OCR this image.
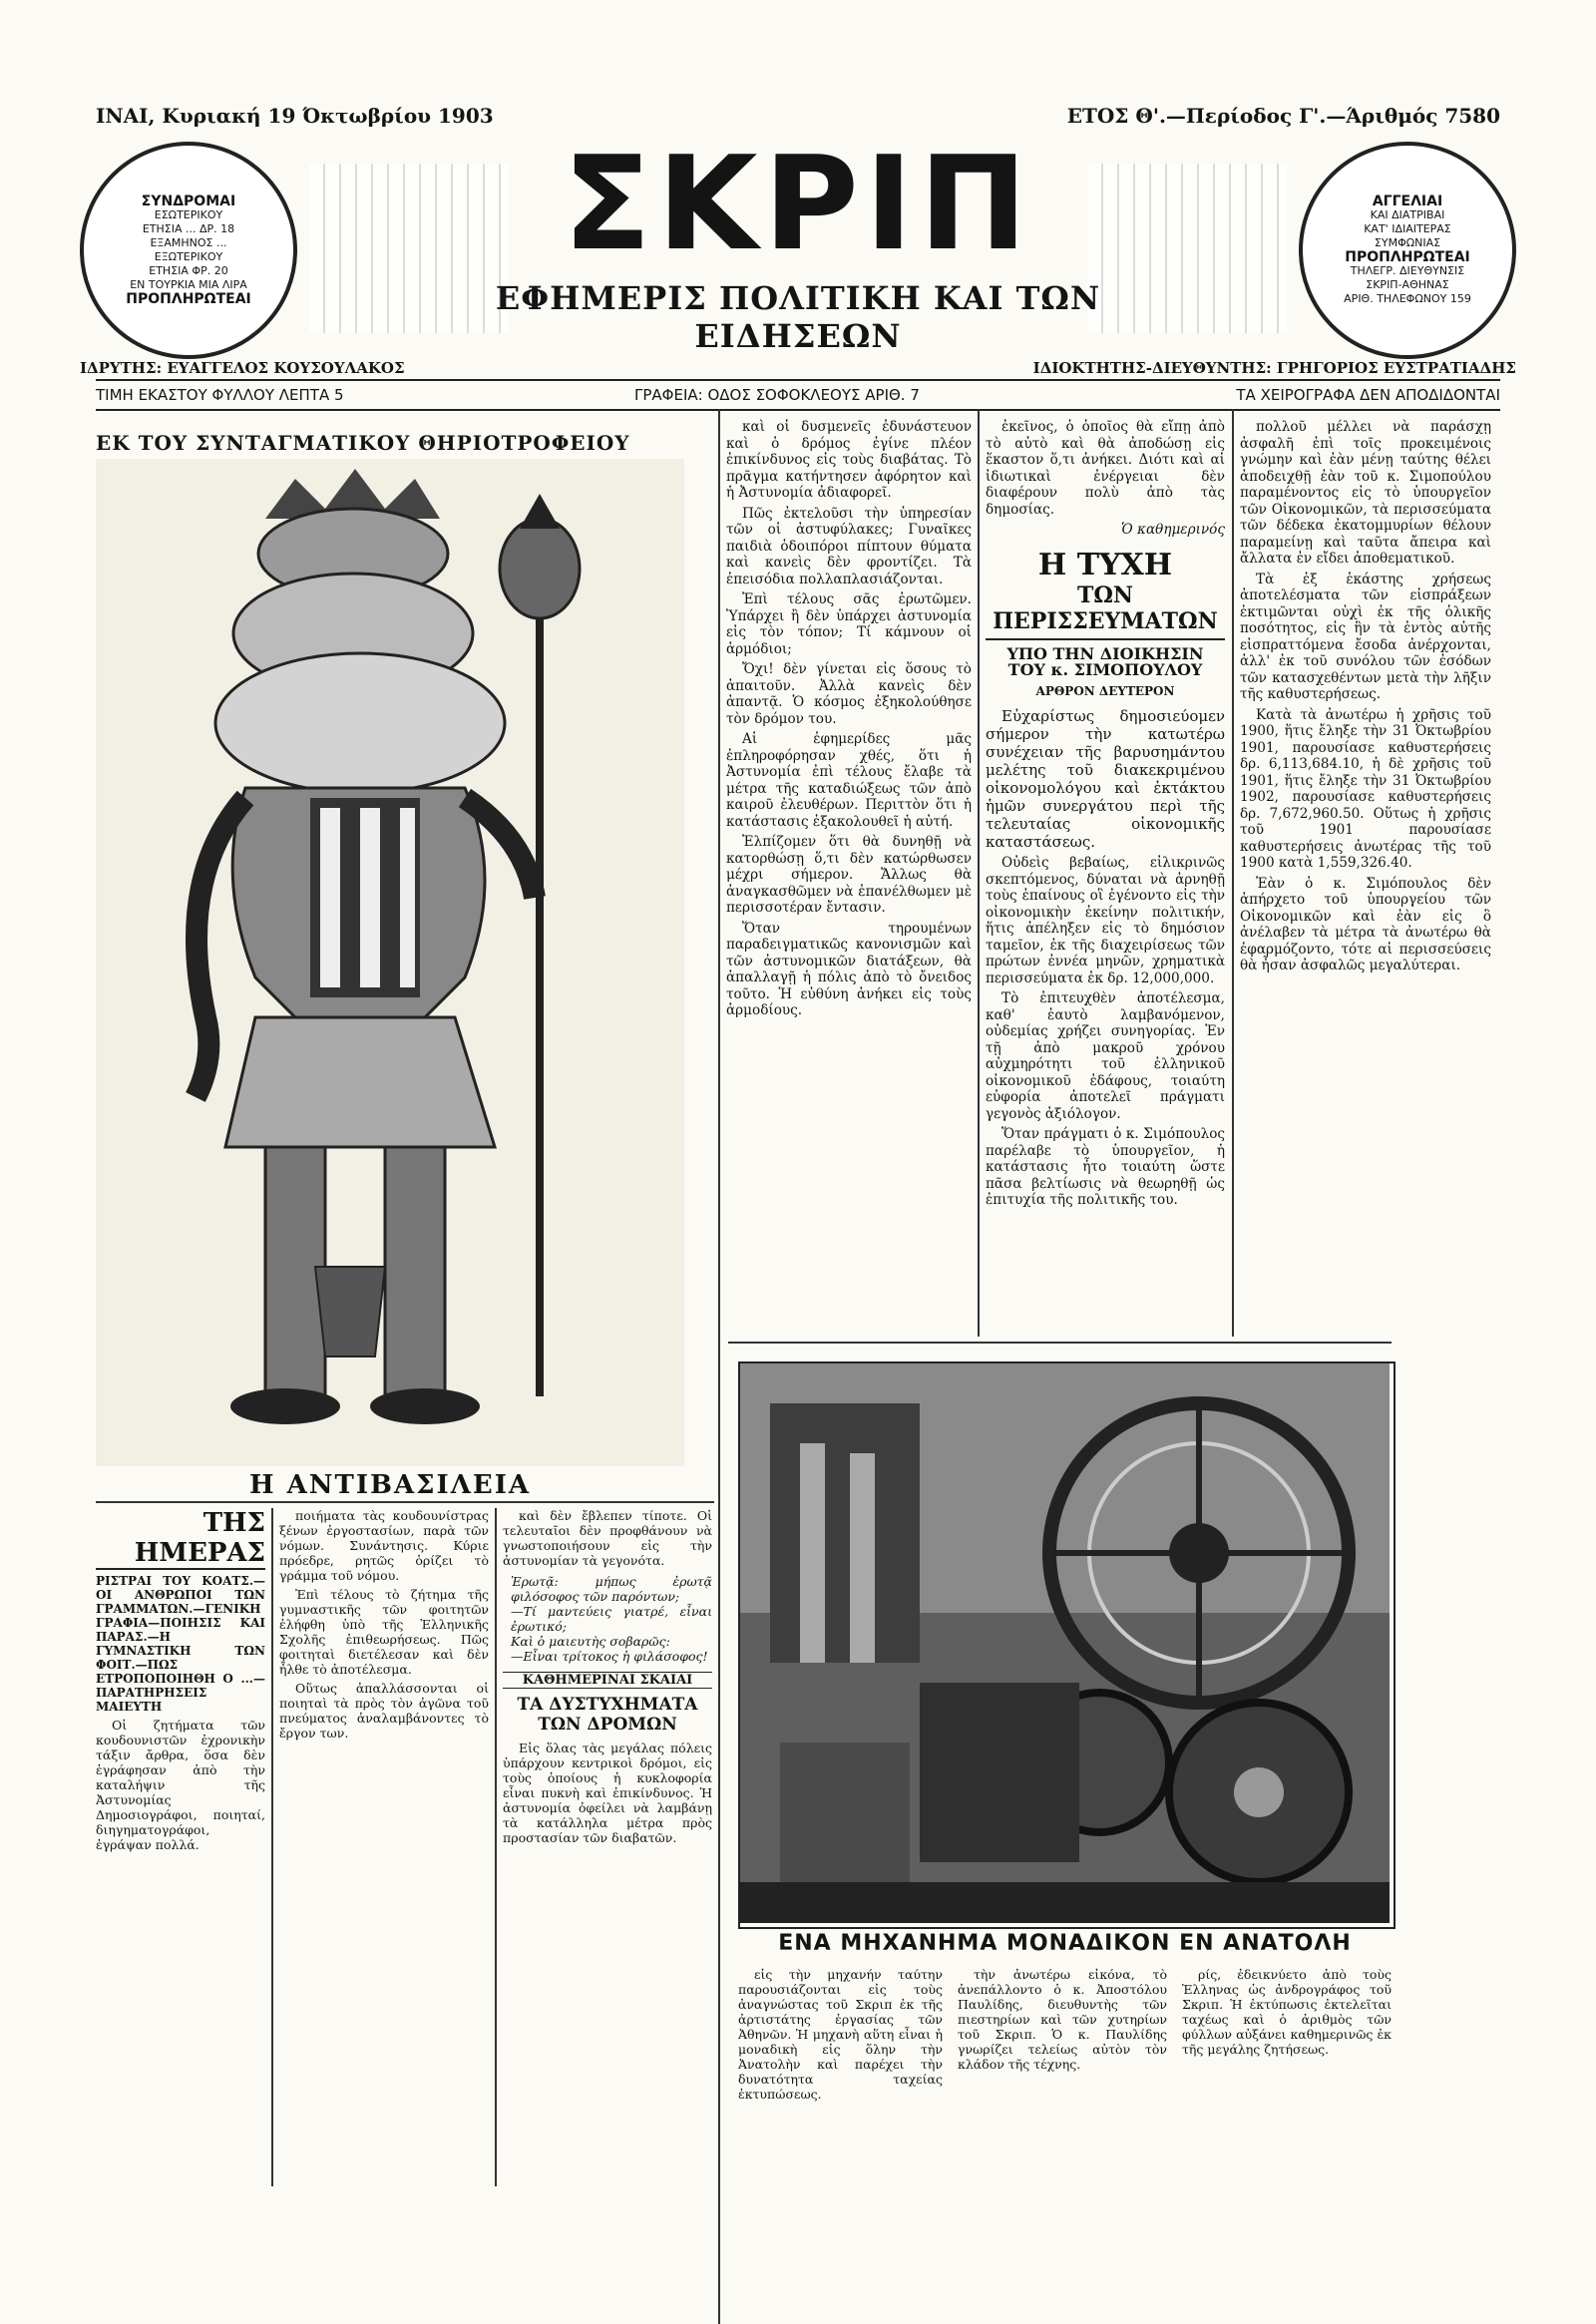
ΙΝΑΙ, Κυριακή 19 Όκτωβρίου 1903	ΕΤΟΣ Θ'.—Περίοδος Γ'.—Άριθμός 7580
ΣΥΝΔΡΟΜΑΙ
ΕΣΩΤΕΡΙΚΟΥ
ΕΤΗΣΙΑ ... ΔΡ. 18
ΕΞΑΜΗΝΟΣ ...
ΕΞΩΤΕΡΙΚΟΥ
ΕΤΗΣΙΑ ΦΡ. 20
ΕΝ ΤΟΥΡΚΙΑ ΜΙΑ ΛΙΡΑ
ΠΡΟΠΛΗΡΩΤΕΑΙ
ΣΚΡΙΠ
ΕΦΗΜΕΡΙΣ ΠΟΛΙΤΙΚΗ ΚΑΙ ΤΩΝ ΕΙΔΗΣΕΩΝ
ΑΓΓΕΛΙΑΙ
ΚΑΙ ΔΙΑΤΡΙΒΑΙ
ΚΑΤ' ΙΔΙΑΙΤΕΡΑΣ
ΣΥΜΦΩΝΙΑΣ
ΠΡΟΠΛΗΡΩΤΕΑΙ
ΤΗΛΕΓΡ. ΔΙΕΥΘΥΝΣΙΣ
ΣΚΡΙΠ-ΑΘΗΝΑΣ
ΑΡΙΘ. ΤΗΛΕΦΩΝΟΥ 159
ΙΔΡΥΤΗΣ: ΕΥΑΓΓΕΛΟΣ ΚΟΥΣΟΥΛΑΚΟΣ	ΙΔΙΟΚΤΗΤΗΣ-ΔΙΕΥΘΥΝΤΗΣ: ΓΡΗΓΟΡΙΟΣ ΕΥΣΤΡΑΤΙΑΔΗΣ
ΤΙΜΗ ΕΚΑΣΤΟΥ ΦΥΛΛΟΥ ΛΕΠΤΑ 5	ΓΡΑΦΕΙΑ: ΟΔΟΣ ΣΟΦΟΚΛΕΟΥΣ ΑΡΙΘ. 7	ΤΑ ΧΕΙΡΟΓΡΑΦΑ ΔΕΝ ΑΠΟΔΙΔΟΝΤΑΙ
ΕΚ ΤΟΥ ΣΥΝΤΑΓΜΑΤΙΚΟΥ ΘΗΡΙΟΤΡΟΦΕΙΟΥ
Η ΑΝΤΙΒΑΣΙΛΕΙΑ

καὶ οἱ δυσμενεῖς ἐδυνάστευον καὶ ὁ δρόμος ἐγίνε πλέον ἐπικίνδυνος εἰς τοὺς διαβάτας. Τὸ πρᾶγμα κατήντησεν ἀφόρητον καὶ ἡ Ἀστυνομία ἀδιαφορεῖ.

Πῶς ἐκτελοῦσι τὴν ὑπηρεσίαν τῶν οἱ ἀστυφύλακες; Γυναῖκες παιδιὰ ὁδοιπόροι πίπτουν θύματα καὶ κανεὶς δὲν φροντίζει. Τὰ ἐπεισόδια πολλαπλασιάζονται.

Ἐπὶ τέλους σᾶς ἐρωτῶμεν. Ὑπάρχει ἢ δὲν ὑπάρχει ἀστυνομία εἰς τὸν τόπον; Τί κάμνουν οἱ ἁρμόδιοι;

Ὄχι! δὲν γίνεται εἰς ὅσους τὸ ἀπαιτοῦν. Ἀλλὰ κανεὶς δὲν ἀπαντᾷ. Ὁ κόσμος ἐξηκολούθησε τὸν δρόμον του.

Αἱ ἐφημερίδες μᾶς ἐπληροφόρησαν χθές, ὅτι ἡ Ἀστυνομία ἐπὶ τέλους ἔλαβε τὰ μέτρα τῆς καταδιώξεως τῶν ἀπὸ καιροῦ ἐλευθέρων. Περιττὸν ὅτι ἡ κατάστασις ἐξακολουθεῖ ἡ αὐτή.

Ἐλπίζομεν ὅτι θὰ δυνηθῇ νὰ κατορθώσῃ ὅ,τι δὲν κατώρθωσεν μέχρι σήμερον. Ἄλλως θὰ ἀναγκασθῶμεν νὰ ἐπανέλθωμεν μὲ περισσοτέραν ἔντασιν.

Ὅταν τηρουμένων παραδειγματικῶς κανονισμῶν καὶ τῶν ἀστυνομικῶν διατάξεων, θὰ ἀπαλλαγῇ ἡ πόλις ἀπὸ τὸ ὄνειδος τοῦτο. Ἡ εὐθύνη ἀνήκει εἰς τοὺς ἁρμοδίους.

ἐκεῖνος, ὁ ὁποῖος θὰ εἴπῃ ἀπὸ τὸ αὐτὸ καὶ θὰ ἀποδώσῃ εἰς ἕκαστον ὅ,τι ἀνήκει. Διότι καὶ αἱ ἰδιωτικαὶ ἐνέργειαι δὲν διαφέρουν πολὺ ἀπὸ τὰς δημοσίας.

Ὁ καθημερινός
Η ΤΥΧΗ
ΤΩΝ ΠΕΡΙΣΣΕΥΜΑΤΩΝ
ΥΠΟ ΤΗΝ ΔΙΟΙΚΗΣΙΝ
ΤΟΥ κ. ΣΙΜΟΠΟΥΛΟΥ
ΑΡΘΡΟΝ ΔΕΥΤΕΡΟΝ

Εὐχαρίστως δημοσιεύομεν σήμερον τὴν κατωτέρω συνέχειαν τῆς βαρυσημάντου μελέτης τοῦ διακεκριμένου οἰκονομολόγου καὶ ἐκτάκτου ἡμῶν συνεργάτου περὶ τῆς τελευταίας οἰκονομικῆς καταστάσεως.

Οὐδεὶς βεβαίως, εἰλικρινῶς σκεπτόμενος, δύναται νὰ ἀρνηθῇ τοὺς ἐπαίνους οἳ ἐγένοντο εἰς τὴν οἰκονομικὴν ἐκείνην πολιτικήν, ἥτις ἀπέληξεν εἰς τὸ δημόσιον ταμεῖον, ἐκ τῆς διαχειρίσεως τῶν πρώτων ἐννέα μηνῶν, χρηματικὰ περισσεύματα ἐκ δρ. 12,000,000.

Τὸ ἐπιτευχθὲν ἀποτέλεσμα, καθ' ἑαυτὸ λαμβανόμενον, οὐδεμίας χρήζει συνηγορίας. Ἐν τῇ ἀπὸ μακροῦ χρόνου αὐχμηρότητι τοῦ ἑλληνικοῦ οἰκονομικοῦ ἐδάφους, τοιαύτη εὐφορία ἀποτελεῖ πράγματι γεγονὸς ἀξιόλογον.

Ὅταν πράγματι ὁ κ. Σιμόπουλος παρέλαβε τὸ ὑπουργεῖον, ἡ κατάστασις ἦτο τοιαύτη ὥστε πᾶσα βελτίωσις νὰ θεωρηθῇ ὡς ἐπιτυχία τῆς πολιτικῆς του.

πολλοῦ μέλλει νὰ παράσχῃ ἀσφαλῆ ἐπὶ τοῖς προκειμένοις γνώμην καὶ ἐὰν μένῃ ταύτης θέλει ἀποδειχθῇ ἐὰν τοῦ κ. Σιμοπούλου παραμένοντος εἰς τὸ ὑπουργεῖον τῶν Οἰκονομικῶν, τὰ περισσεύματα τῶν δέδεκα ἐκατομμυρίων θέλουν παραμείνῃ καὶ ταῦτα ἄπειρα καὶ ἄλλατα ἐν εἴδει ἀποθεματικοῦ.

Τὰ ἐξ ἑκάστης χρήσεως ἀποτελέσματα τῶν εἰσπράξεων ἐκτιμῶνται οὐχὶ ἐκ τῆς ὁλικῆς ποσότητος, εἰς ἣν τὰ ἐντὸς αὐτῆς εἰσπραττόμενα ἔσοδα ἀνέρχονται, ἀλλ' ἐκ τοῦ συνόλου τῶν ἐσόδων τῶν κατασχεθέντων μετὰ τὴν λῆξιν τῆς καθυστερήσεως.

Κατὰ τὰ ἀνωτέρω ἡ χρῆσις τοῦ 1900, ἥτις ἔληξε τὴν 31 Ὀκτωβρίου 1901, παρουσίασε καθυστερήσεις δρ. 6,113,684.10, ἡ δὲ χρῆσις τοῦ 1901, ἥτις ἔληξε τὴν 31 Ὀκτωβρίου 1902, παρουσίασε καθυστερήσεις δρ. 7,672,960.50. Οὕτως ἡ χρῆσις τοῦ 1901 παρουσίασε καθυστερήσεις ἀνωτέρας τῆς τοῦ 1900 κατὰ 1,559,326.40.

Ἐὰν ὁ κ. Σιμόπουλος δὲν ἀπήρχετο τοῦ ὑπουργείου τῶν Οἰκονομικῶν καὶ ἐὰν εἰς ὃ ἀνέλαβεν τὰ μέτρα τὰ ἀνωτέρω θὰ ἐφαρμόζοντο, τότε αἱ περισσεύσεις θὰ ἦσαν ἀσφαλῶς μεγαλύτεραι.

ΕΝΑ ΜΗΧΑΝΗΜΑ ΜΟΝΑΔΙΚΟΝ ΕΝ ΑΝΑΤΟΛΗ

εἰς τὴν μηχανήν ταύτην παρουσιάζονται εἰς τοὺς ἀναγνώστας τοῦ Σκριπ ἐκ τῆς ἀρτιστάτης ἐργασίας τῶν Ἀθηνῶν. Ἡ μηχανὴ αὕτη εἶναι ἡ μοναδικὴ εἰς ὅλην τὴν Ἀνατολὴν καὶ παρέχει τὴν δυνατότητα ταχείας ἐκτυπώσεως.

τὴν ἀνωτέρω εἰκόνα, τὸ ἀνεπάλλοντο ὁ κ. Ἀποστόλου Παυλίδης, διευθυντὴς τῶν πιεστηρίων καὶ τῶν χυτηρίων τοῦ Σκριπ. Ὁ κ. Παυλίδης γνωρίζει τελείως αὐτὸν τὸν κλάδον τῆς τέχνης.

ρίς, ἐδεικνύετο ἀπὸ τοὺς Ἑλληνας ὡς ἀνδρογράφος τοῦ Σκριπ. Ἡ ἐκτύπωσις ἐκτελεῖται ταχέως καὶ ὁ ἀριθμὸς τῶν φύλλων αὐξάνει καθημερινῶς ἐκ τῆς μεγάλης ζητήσεως.

ΤΗΣ ΗΜΕΡΑΣ
ΡΙΣΤΡΑΙ ΤΟΥ ΚΟΑΤΣ.—ΟΙ ΑΝΘΡΩΠΟΙ ΤΩΝ ΓΡΑΜΜΑΤΩΝ.—ΓΕΝΙΚΗ ΓΡΑΦΙΑ—ΠΟΙΗΣΙΣ ΚΑΙ ΠΑΡΑΣ.—Η ΓΥΜΝΑΣΤΙΚΗ ΤΩΝ ΦΟΙΤ.—ΠΩΣ ΕΤΡΟΠΟΠΟΙΗΘΗ Ο ...—ΠΑΡΑΤΗΡΗΣΕΙΣ ΜΑΙΕΥΤΗ

Οἱ ζητήματα τῶν κουδουνιστῶν ἐχρονικὴν τάξιν ἄρθρα, ὅσα δὲν ἐγράφησαν ἀπὸ τὴν καταλήψιν τῆς Ἀστυνομίας Δημοσιογράφοι, ποιηταί, διηγηματογράφοι, ἐγράψαν πολλά.

ποιήματα τὰς κουδουνίστρας ξένων ἐργοστασίων, παρὰ τῶν νόμων. Συνάντησις. Κύριε πρόεδρε, ρητῶς ὁρίζει τὸ γράμμα τοῦ νόμου.

Ἐπὶ τέλους τὸ ζήτημα τῆς γυμναστικῆς τῶν φοιτητῶν ἐλήφθη ὑπὸ τῆς Ἑλληνικῆς Σχολῆς ἐπιθεωρήσεως. Πῶς φοιτηταὶ διετέλεσαν καὶ δὲν ἦλθε τὸ ἀποτέλεσμα.

Οὕτως ἀπαλλάσσονται οἱ ποιηταὶ τὰ πρὸς τὸν ἀγῶνα τοῦ πνεύματος ἀναλαμβάνοντες τὸ ἔργον των.

καὶ δὲν ἔβλεπεν τίποτε. Οἱ τελευταῖοι δὲν προφθάνουν νὰ γνωστοποιήσουν εἰς τὴν ἀστυνομίαν τὰ γεγονότα.

Ἐρωτᾷ: μήπως ἐρωτᾷ φιλόσοφος τῶν παρόντων;
—Τί μαντεύεις γιατρέ, εἶναι ἐρωτικό;
Καὶ ὁ μαιευτὴς σοβαρῶς:
—Εἶναι τρίτοκος ἡ φιλάσοφος!
ΚΑΘΗΜΕΡΙΝΑΙ ΣΚΑΙΑΙ
ΤΑ ΔΥΣΤΥΧΗΜΑΤΑ ΤΩΝ ΔΡΟΜΩΝ

Εἰς ὅλας τὰς μεγάλας πόλεις ὑπάρχουν κεντρικοὶ δρόμοι, εἰς τοὺς ὁποίους ἡ κυκλοφορία εἶναι πυκνὴ καὶ ἐπικίνδυνος. Ἡ ἀστυνομία ὀφείλει νὰ λαμβάνῃ τὰ κατάλληλα μέτρα πρὸς προστασίαν τῶν διαβατῶν.
